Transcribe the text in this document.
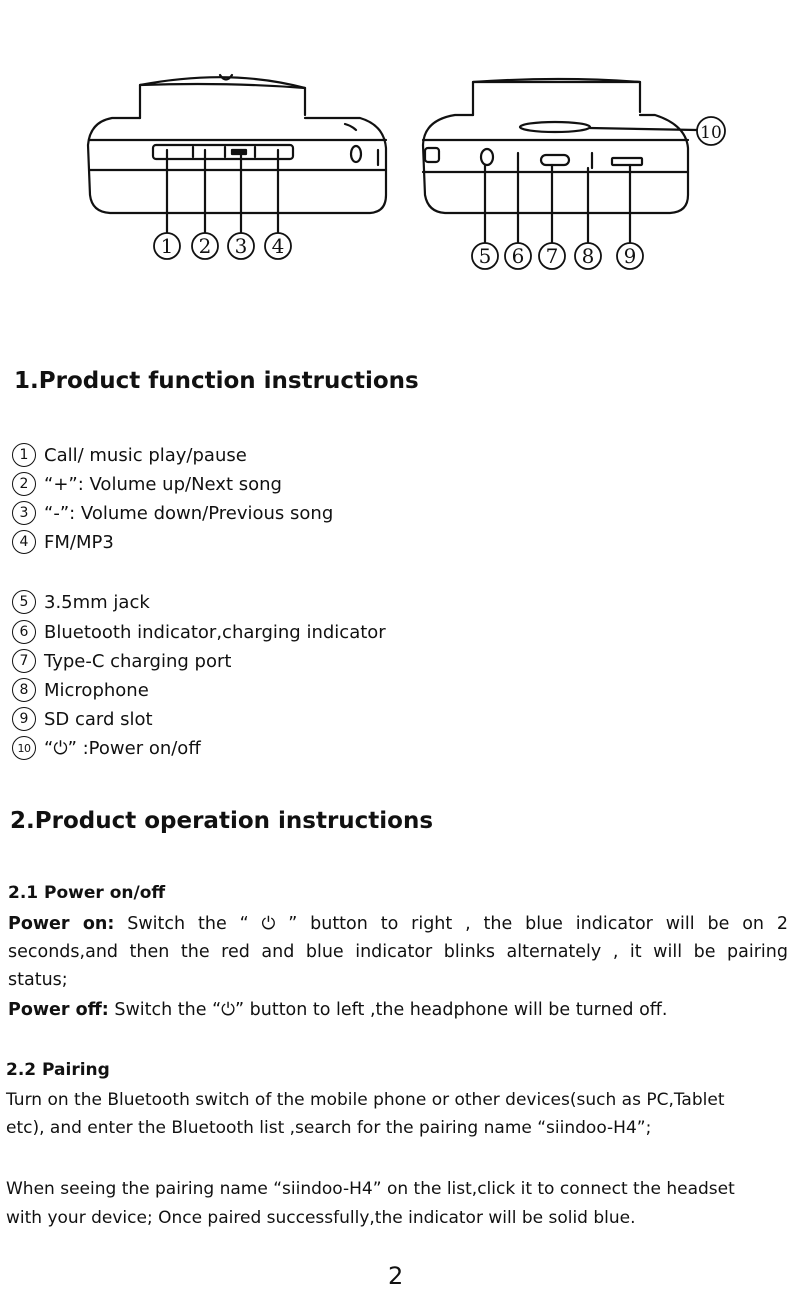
1 2 3 4	5 6 7 8 9
10
1.Product function instructions
1 Call/ music play/pause
2 “+”: Volume up/Next song
3 “-”: Volume down/Previous song
4 FM/MP3
5 3.5mm jack
6 Bluetooth indicator,charging indicator
7 Type-C charging port
8 Microphone
9 SD card slot
10 “⏻” :Power on/off
2.Product operation instructions
2.1 Power on/off
Power on: Switch the “ ⏻ ” button to right , the blue indicator will be on 2
seconds,and then the red and blue indicator blinks alternately , it will be pairing
status;
Power off: Switch the “⏻” button to left ,the headphone will be turned off.
2.2 Pairing
Turn on the Bluetooth switch of the mobile phone or other devices(such as PC,Tablet
etc), and enter the Bluetooth list ,search for the pairing name “siindoo-H4”;
When seeing the pairing name “siindoo-H4” on the list,click it to connect the headset
with your device; Once paired successfully,the indicator will be solid blue.
2
